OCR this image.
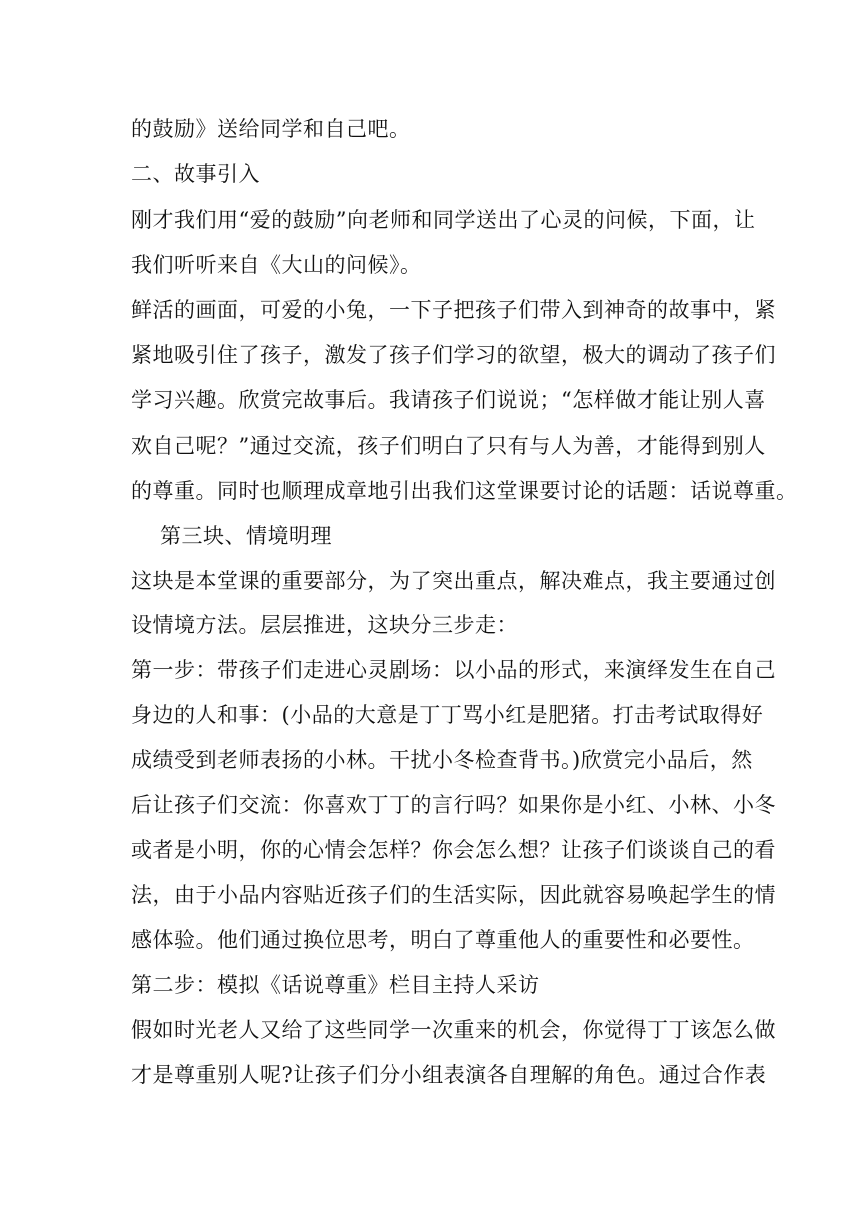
的鼓励》送给同学和自己吧。
二、故事引入
刚才我们用“爱的鼓励”向老师和同学送出了心灵的问候，下面，让
我们听听来自《大山的问候》。
鲜活的画面，可爱的小兔，一下子把孩子们带入到神奇的故事中，紧
紧地吸引住了孩子，激发了孩子们学习的欲望，极大的调动了孩子们
学习兴趣。欣赏完故事后。我请孩子们说说；“怎样做才能让别人喜
欢自己呢？”通过交流，孩子们明白了只有与人为善，才能得到别人
的尊重。同时也顺理成章地引出我们这堂课要讨论的话题：话说尊重。
第三块、情境明理
这块是本堂课的重要部分，为了突出重点，解决难点，我主要通过创
设情境方法。层层推进，这块分三步走：
第一步：带孩子们走进心灵剧场：以小品的形式，来演绎发生在自己
身边的人和事：(小品的大意是丁丁骂小红是肥猪。打击考试取得好
成绩受到老师表扬的小林。干扰小冬检查背书。)欣赏完小品后，然
后让孩子们交流：你喜欢丁丁的言行吗？如果你是小红、小林、小冬
或者是小明，你的心情会怎样？你会怎么想？让孩子们谈谈自己的看
法，由于小品内容贴近孩子们的生活实际，因此就容易唤起学生的情
感体验。他们通过换位思考，明白了尊重他人的重要性和必要性。
第二步：模拟《话说尊重》栏目主持人采访
假如时光老人又给了这些同学一次重来的机会，你觉得丁丁该怎么做
才是尊重别人呢?让孩子们分小组表演各自理解的角色。通过合作表
